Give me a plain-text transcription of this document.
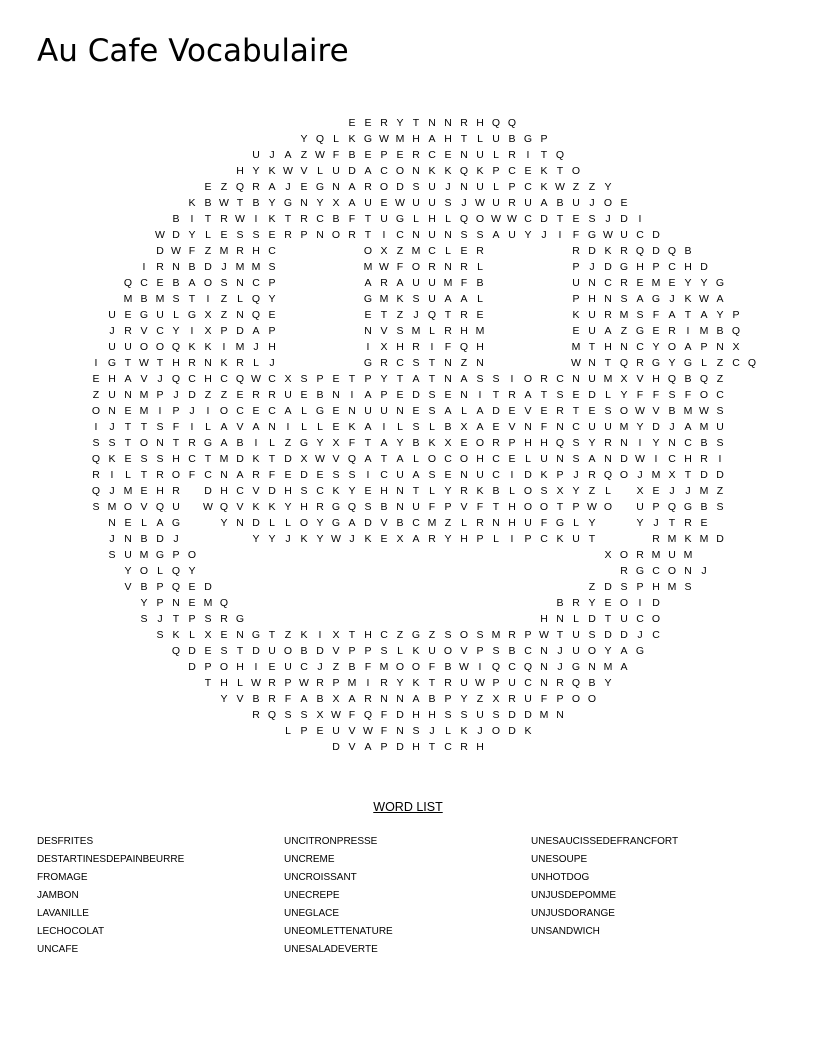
Au Cafe Vocabulaire
E E R Y T N N R H Q Q
Y Q L K G W M H A H T L U B G P
U J A Z W F B E P E R C E N U L R	I	T Q
H Y K W V L U D A C O N K K Q K P C E K T O
E Z Q R A J E G N A R O D S U J N U L P C K W Z Z Y
K B W T B Y G N Y X A U E W U U S J W U R U A B U J O E
B	I	T R W I	K T R C B F T U G L H L Q O W W C D T E S J D	I
W D Y L E S S E R P N O R T	I	C N U N S S A U Y J	I	F G W U C D
D W F Z M R H C	O X Z M C L E R	R D K R Q D Q B
I	R N B D J M M S	M W F O R N R L	P J D G H P C H D
Q C E B A O S N C P	A R A U U M F B	U N C R E M E Y Y G
M B M S T	I	Z L Q Y	G M K S U A A L	P H N S A G J K W A
U E G U L G X Z N Q E	E T Z J Q T R E	K U R M S F A T A Y P
J R V C Y	I	X P D A P	N V S M L R H M	E U A Z G E R	I M B Q
U U O O Q K K	I M J H	I	X H R	I	F Q H	M T H N C Y O A P N X
I G T W T H R N K R L J	G R C S T N Z N	W N T Q R G Y G L Z C Q
E H A V J Q C H C Q W C X S P E T P Y T A T N A S S	I O R C N U M X V H Q B Q Z
Z U N M P J D Z Z E R R U E B N	I	A P E D S E N	I	T R A T S E D L Y F F S F O C
O N E M I	P J	I O C E C A L G E N U U N E S A L A D E V E R T E S O W V B M W S
I	J T T S F	I	L A V A N	I	L L E K A	I	L S L B X A E V N F N C U U M Y D J A M U
S S T O N T R G A B	I	L Z G Y X F T A Y B K X E O R P H H Q S Y R N	I	Y N C B S
Q K E S S H C T M D K T D X W V Q A T A L O C O H C E L U N S A N D W I	C H R	I
R	I	L T R O F C N A R F E D E S S	I	C U A S E N U C	I	D K P J R Q O J M X T D D
Q J M E H R	D H C V D H S C K Y E H N T L Y R K B L O S X Y Z L	X E J	J M Z
S M O V Q U	W Q V K K Y H R G Q S B N U F P V F T H O O T P W O	U P Q G B S
N E L A G	Y N D L L O Y G A D V B C M Z L R N H U F G L Y	Y J T R E
J N B D J	Y Y J K Y W J K E X A R Y H P L	I	P C K U T	R M K M D
S U M G P O	X O R M U M
Y O L Q Y	R G C O N J
V B P Q E D	Z D S P H M S
Y P N E M Q	B R Y E O I	D
S J T P S R G	H N L D T U C O
S K L X E N G T Z K	I	X T H C Z G Z S O S M R P W T U S D D J C
Q D E S T D U O B D V P P S L K U O V P S B C N J U O Y A G
D P O H	I	E U C J Z B F M O O F B W I Q C Q N J G N M A
T H L W R P W R P M I	R Y K T R U W P U C N R Q B Y
Y V B R F A B X A R N N A B P Y Z X R U F P O O
R Q S S X W F Q F D H H S S U S D D M N
L P E U V W F N S J L K J O D K
D V A P D H T C R H
WORD LIST
DESFRITES
DESTARTINESDEPAINBEURRE
FROMAGE
JAMBON
LAVANILLE
LECHOCOLAT
UNCAFE
UNCITRONPRESSE
UNCREME
UNCROISSANT
UNECREPE
UNEGLACE
UNEOMLETTENATURE
UNESALADEVERTE
UNESAUCISSEDEFRANCFORT
UNESOUPE
UNHOTDOG
UNJUSDEPOMME
UNJUSDORANGE
UNSANDWICH
